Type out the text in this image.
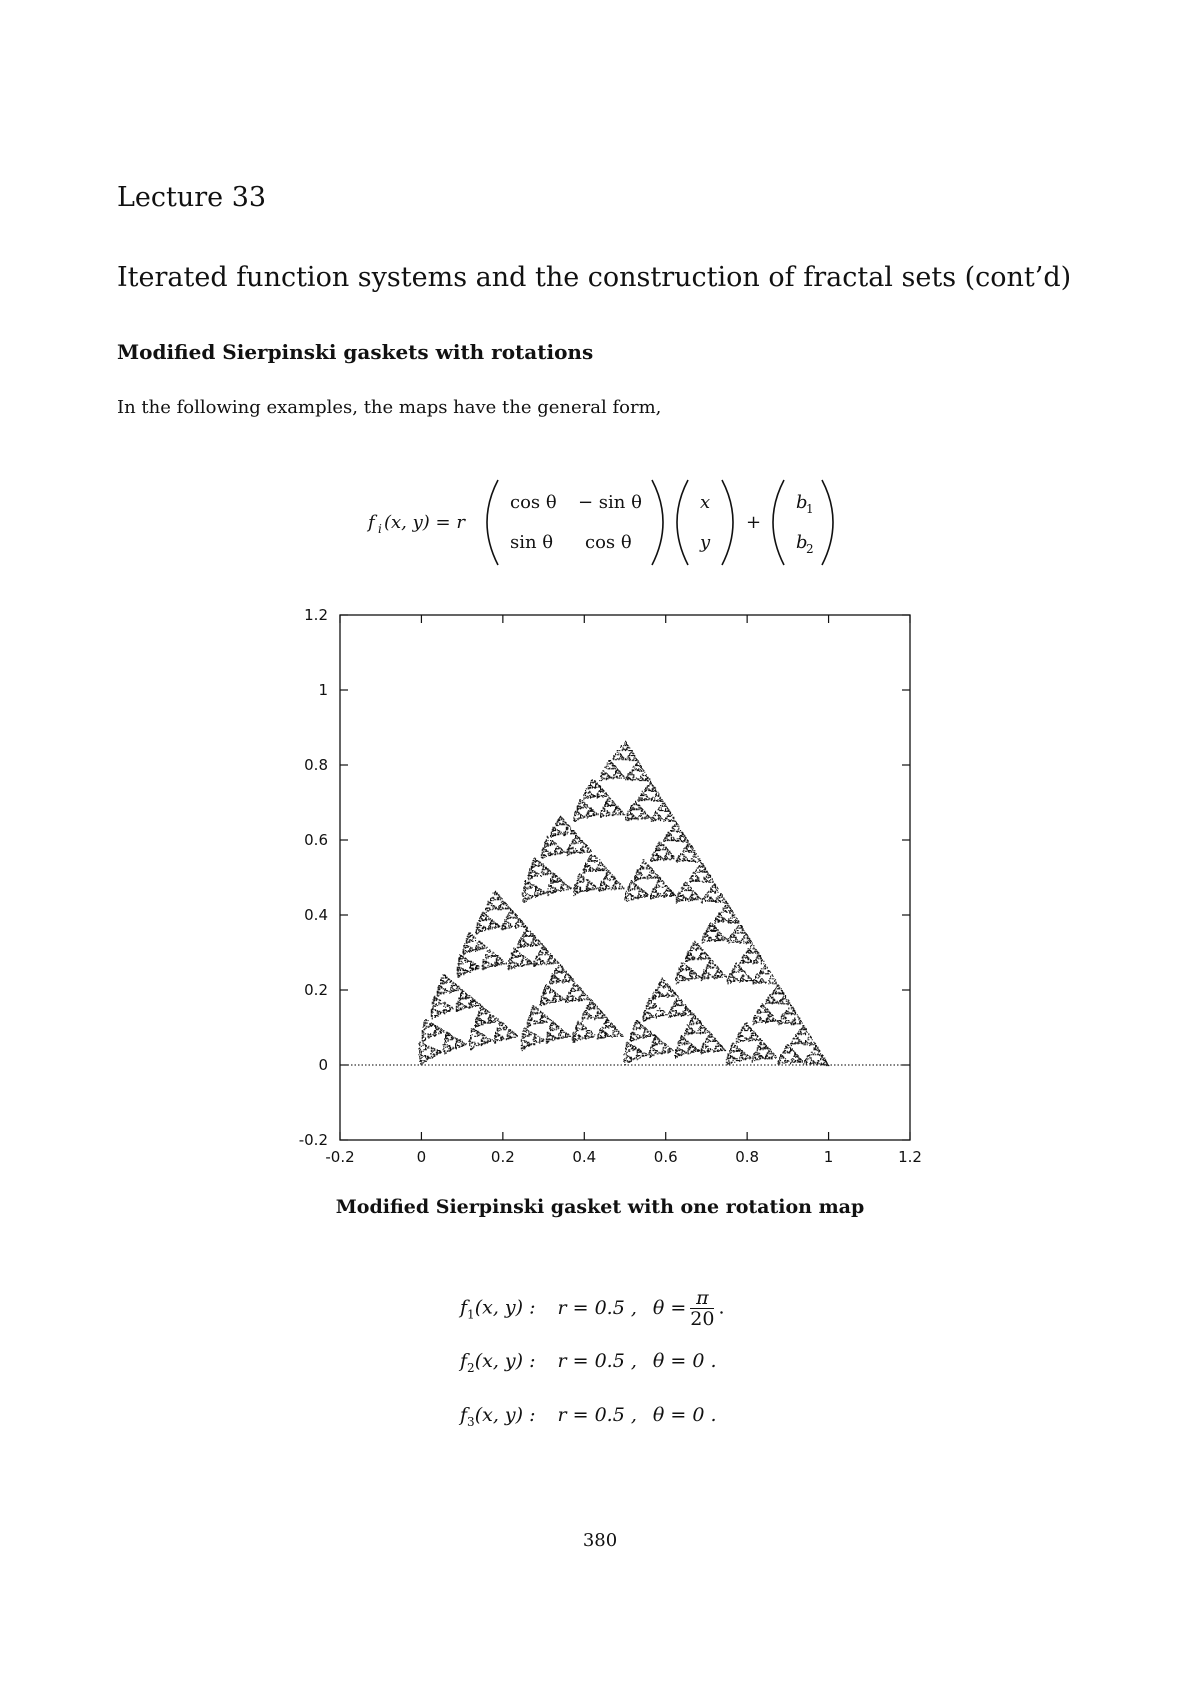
Lecture 33
Iterated function systems and the construction of fractal sets (cont’d)
Modified Sierpinski gaskets with rotations
In the following examples, the maps have the general form,
f i (x, y) = r
cos θ − sin θ
sin θ cos θ
x
y
+
b
1
b
2
-0.2	0	0.2	0.4	0.6	0.8	1	1.2
-0.2
0
0.2
0.4
0.6
0.8
1
1.2
Modified Sierpinski gasket with one rotation map
$f_1(x$, y) : r = 0.5 , $\theta = \frac{\pi}{20}$ .
$f_2(x$, y) : r = 0.5 , θ = 0 .
$f_3(x$, y) : r = 0.5 , θ = 0 .
380
